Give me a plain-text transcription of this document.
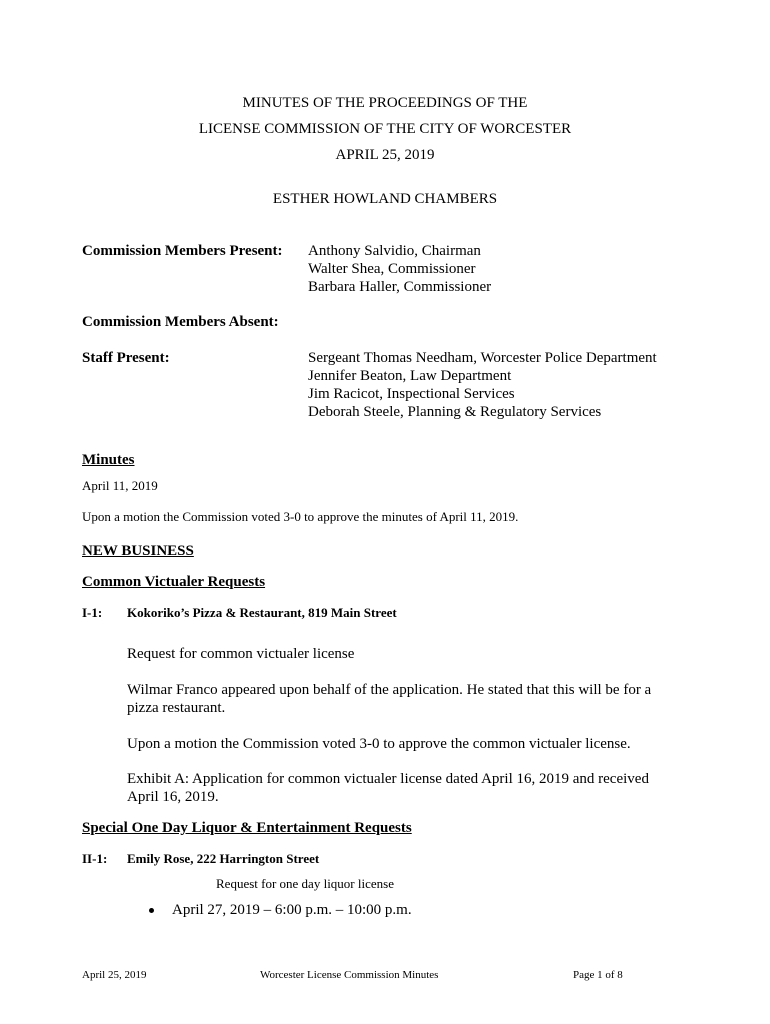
MINUTES OF THE PROCEEDINGS OF THE
LICENSE COMMISSION OF THE CITY OF WORCESTER
APRIL 25, 2019
ESTHER HOWLAND CHAMBERS
Commission Members Present: Anthony Salvidio, Chairman
Walter Shea, Commissioner
Barbara Haller, Commissioner
Commission Members Absent:
Staff Present:	Sergeant Thomas Needham, Worcester Police Department
Jennifer Beaton, Law Department
Jim Racicot, Inspectional Services
Deborah Steele, Planning & Regulatory Services
Minutes
April 11, 2019
Upon a motion the Commission voted 3-0 to approve the minutes of April 11, 2019.
NEW BUSINESS
Common Victualer Requests
I-1: Kokoriko’s Pizza & Restaurant, 819 Main Street
Request for common victualer license
Wilmar Franco appeared upon behalf of the application. He stated that this will be for a
pizza restaurant.
Upon a motion the Commission voted 3-0 to approve the common victualer license.
Exhibit A: Application for common victualer license dated April 16, 2019 and received
April 16, 2019.
Special One Day Liquor & Entertainment Requests
II-1: Emily Rose, 222 Harrington Street
Request for one day liquor license
April 27, 2019 – 6:00 p.m. – 10:00 p.m.
April 25, 2019	Worcester License Commission Minutes	Page 1 of 8
